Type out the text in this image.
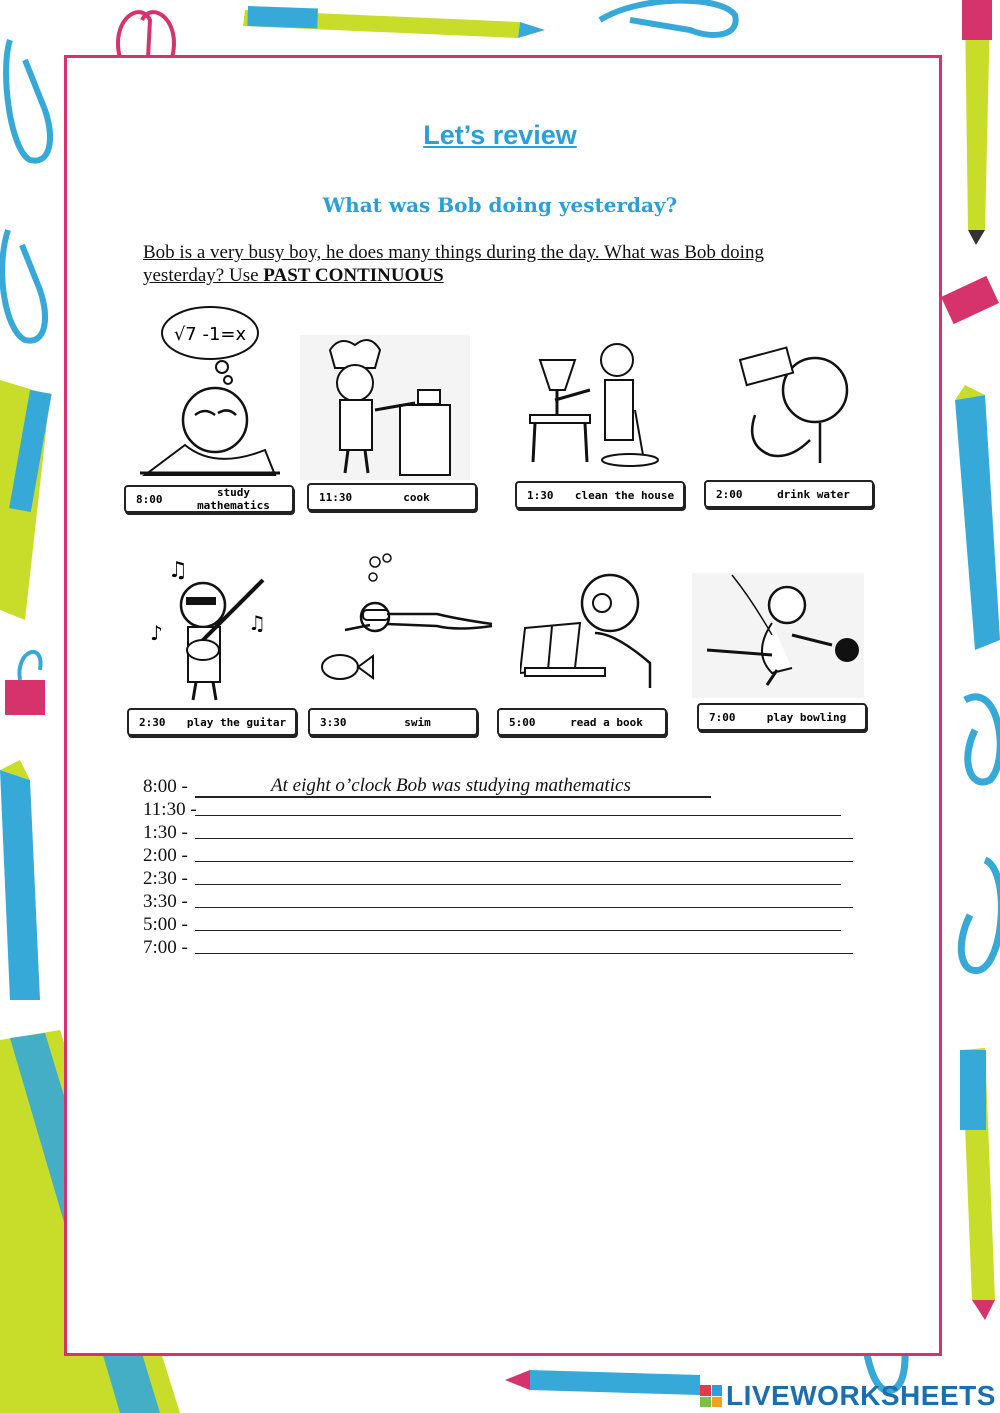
Let’s review
What was Bob doing yesterday?
Bob is a very busy boy, he does many things during the day. What was Bob doing yesterday? Use PAST CONTINUOUS
√7 -1=x
8:00	study mathematics
11:30	cook	1:30	clean the house	2:00	drink water
♫
♪	♫
2:30	play the guitar	3:30	swim	5:00	read a book	7:00	play bowling
8:00 -	At eight o’clock Bob was studying mathematics
11:30 -
1:30 -
2:00 -
2:30 -
3:30 -
5:00 -
7:00 -
LIVEWORKSHEETS
